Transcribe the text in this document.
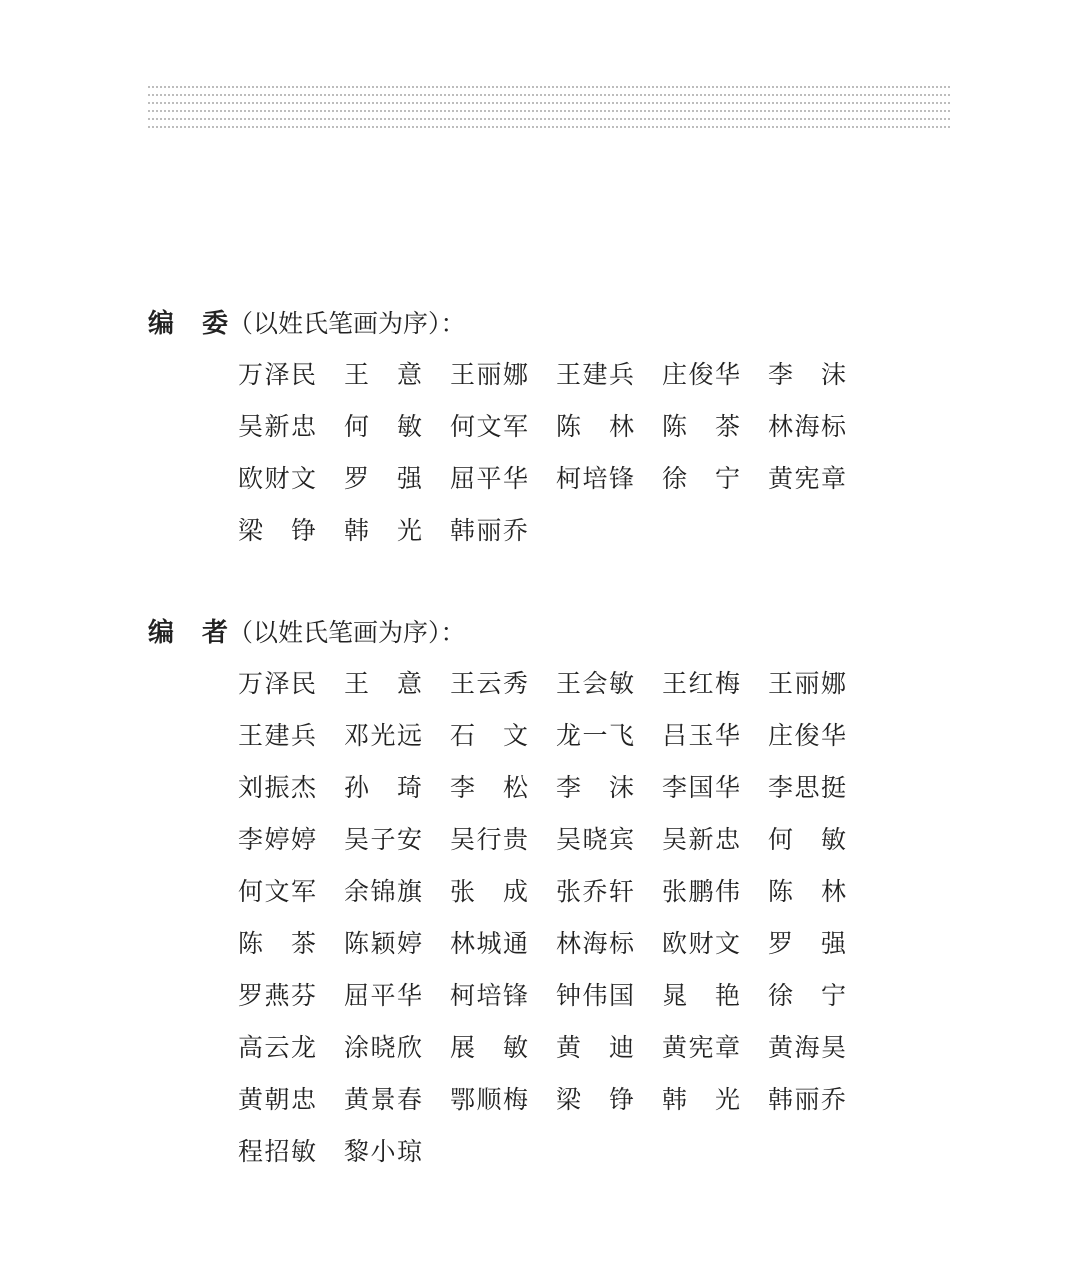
编委（以姓氏笔画为序）：
万泽民 王意 王丽娜 王建兵 庄俊华 李沫
吴新忠 何敏 何文军 陈林 陈茶 林海标
欧财文 罗强 屈平华 柯培锋 徐宁 黄宪章
梁铮 韩光 韩丽乔
编者（以姓氏笔画为序）：
万泽民 王意 王云秀 王会敏 王红梅 王丽娜
王建兵 邓光远 石文 龙一飞 吕玉华 庄俊华
刘振杰 孙琦 李松 李沫 李国华 李思挺
李婷婷 吴子安 吴行贵 吴晓宾 吴新忠 何敏
何文军 余锦旗 张成 张乔轩 张鹏伟 陈林
陈茶 陈颖婷 林城通 林海标 欧财文 罗强
罗燕芬 屈平华 柯培锋 钟伟国 晁艳 徐宁
高云龙 涂晓欣 展敏 黄迪 黄宪章 黄海昊
黄朝忠 黄景春 鄂顺梅 梁铮 韩光 韩丽乔
程招敏 黎小琼
